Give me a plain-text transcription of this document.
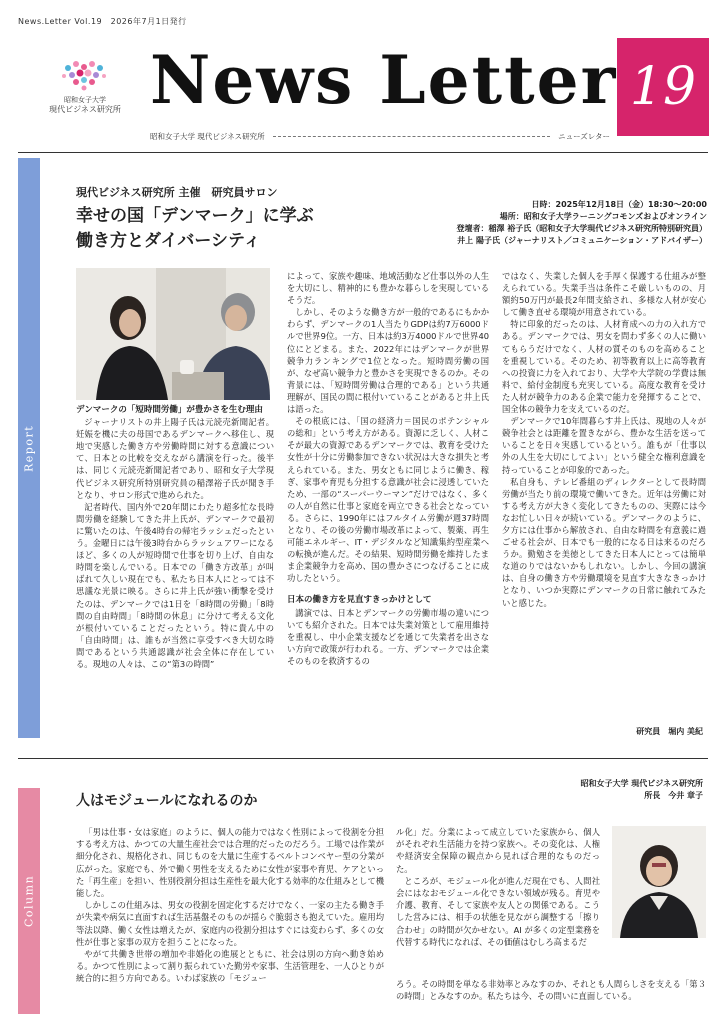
News.Letter Vol.19　2026年7月1日発行
昭和女子大学
現代ビジネス研究所 News Letter 19
昭和女子大学 現代ビジネス研究所	ニューズレター
Report
現代ビジネス研究所 主催　研究員サロン
幸せの国「デンマーク」に学ぶ
働き方とダイバーシティ
日時：2025年12月18日（金）18:30〜20:00
場所：昭和女子大学ラーニングコモンズおよびオンライン
登壇者：稲澤 裕子氏（昭和女子大学現代ビジネス研究所特別研究員）
井上 陽子氏（ジャーナリスト／コミュニケーション・アドバイザー）

デンマークの「短時間労働」が豊かさを生む理由

ジャーナリストの井上陽子氏は元読売新聞記者。妊娠を機に夫の母国であるデンマークへ移住し、現地で実感した働き方や労働時間に対する意識について、日本との比較を交えながら講演を行った。後半は、同じく元読売新聞記者であり、昭和女子大学現代ビジネス研究所特別研究員の稲澤裕子氏が聞き手となり、サロン形式で進められた。

記者時代、国内外で20年間にわたり超多忙な長時間労働を経験してきた井上氏が、デンマークで最初に驚いたのは、午後4時台の帰宅ラッシュだったという。金曜日には午後3時台からラッシュアワーになるほど、多くの人が短時間で仕事を切り上げ、自由な時間を楽しんでいる。日本での「働き方改革」が叫ばれて久しい現在でも、私たち日本人にとっては不思議な光景に映る。さらに井上氏が強い衝撃を受けたのは、デンマークでは1日を「8時間の労働」「8時間の自由時間」「8時間の休息」に分けて考える文化が根付いていることだったという。特に貴ん中の「自由時間」は、誰もが当然に享受すべき大切な時間であるという共通認識が社会全体に存在している。現地の人々は、この“第3の時間”

によって、家族や趣味、地域活動など仕事以外の人生を大切にし、精神的にも豊かな暮らしを実現しているそうだ。

しかし、そのような働き方が一般的であるにもかかわらず、デンマークの1人当たりGDPは約7万6000ドルで世界9位。一方、日本は約3万4000ドルで世界40位にとどまる。また、2022年にはデンマークが世界競争力ランキングで1位となった。短時間労働の国が、なぜ高い競争力と豊かさを実現できるのか。その背景には、「短時間労働は合理的である」という共通理解が、国民の間に根付いていることがあると井上氏は語った。

その根底には、「国の経済力＝国民のポテンシャルの総和」という考え方がある。資源に乏しく、人材こそが最大の資源であるデンマークでは、教育を受けた女性が十分に労働参加できない状況は大きな損失と考えられている。また、男女ともに同じように働き、稼ぎ、家事や育児も分担する意識が社会に浸透していたため、一部の“スーパーウーマン”だけではなく、多くの人が自然に仕事と家庭を両立できる社会となっている。さらに、1990年にはフルタイム労働が週37時間となり、その後の労働市場改革によって、製薬、再生可能エネルギー、IT・デジタルなど知識集約型産業への転換が進んだ。その結果、短時間労働を維持したまま企業競争力を高め、国の豊かさにつなげることに成功したという。

日本の働き方を見直すきっかけとして

講演では、日本とデンマークの労働市場の違いについても紹介された。日本では失業対策として雇用維持を重視し、中小企業支援などを通じて失業者を出さない方向で政策が行われる。一方、デンマークでは企業そのものを救済するの

ではなく、失業した個人を手厚く保護する仕組みが整えられている。失業手当は条件こそ厳しいものの、月額約50万円が最長2年間支給され、多様な人材が安心して働き直せる環境が用意されている。

特に印象的だったのは、人材育成への力の入れ方である。デンマークでは、男女を問わず多くの人に働いてもらうだけでなく、人材の質そのものを高めることを重視している。そのため、初等教育以上に高等教育への投資に力を入れており、大学や大学院の学費は無料で、給付金制度も充実している。高度な教育を受けた人材が競争力のある企業で能力を発揮することで、国全体の競争力を支えているのだ。

デンマークで10年間暮らす井上氏は、現地の人々が競争社会とは距離を置きながら、豊かな生活を送っていることを日々実感しているという。誰もが「仕事以外の人生を大切にしてよい」という健全な権利意識を持っていることが印象的であった。

私自身も、テレビ番組のディレクターとして長時間労働が当たり前の環境で働いてきた。近年は労働に対する考え方が大きく変化してきたものの、実際には今なお忙しい日々が続いている。デンマークのように、夕方には仕事から解放され、自由な時間を有意義に過ごせる社会が、日本でも一般的になる日は来るのだろうか。勤勉さを美徳としてきた日本人にとっては簡単な道のりではないかもしれない。しかし、今回の講演は、自身の働き方や労働環境を見直す大きなきっかけとなり、いつか実際にデンマークの日常に触れてみたいと感じた。

研究員　堀内 美紀
Column
人はモジュールになれるのか
昭和女子大学 現代ビジネス研究所
所長　今井 章子

「男は仕事・女は家庭」のように、個人の能力ではなく性別によって役割を分担する考え方は、かつての大量生産社会では合理的だったのだろう。工場では作業が細分化され、規格化され、同じものを大量に生産するベルトコンベヤー型の分業が広がった。家庭でも、外で働く男性を支えるために女性が家事や育児、ケアといった「再生産」を担い、性別役割分担は生産性を最大化する効率的な仕組みとして機能した。

しかしこの仕組みは、男女の役割を固定化するだけでなく、一家の主たる働き手が失業や病気に直面すれば生活基盤そのものが揺らぐ脆弱さも抱えていた。雇用均等法以降、働く女性は増えたが、家庭内の役割分担はすぐには変わらず、多くの女性が仕事と家事の双方を担うことになった。

やがて共働き世帯の増加や非婚化の進展とともに、社会は別の方向へ動き始める。かつて性別によって割り振られていた勤労や家事、生活管理を、一人ひとりが統合的に担う方向である。いわば家族の「モジュー

ル化」だ。分業によって成立していた家族から、個人がそれぞれ生活能力を持つ家族へ。その変化は、人権や経済安全保障の観点から見れば合理的なものだった。

ところが、モジュール化が進んだ現在でも、人間社会にはなおモジュール化できない領域が残る。育児や介護、教育、そして家族や友人との関係である。こうした営みには、相手の状態を見ながら調整する「擦り合わせ」の時間が欠かせない。AI が多くの定型業務を代替する時代になれば、その価値はむしろ高まるだ

ろう。その時間を単なる非効率とみなすのか、それとも人間らしさを支える「第３の時間」とみなすのか。私たちは今、その問いに直面している。
